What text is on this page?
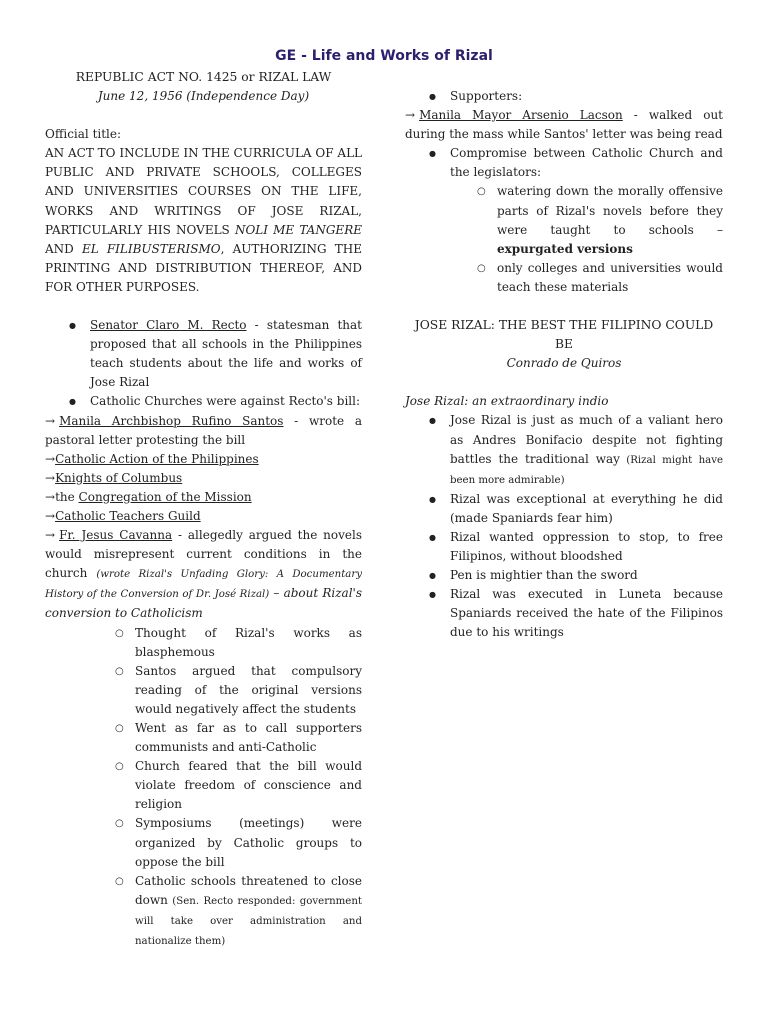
GE - Life and Works of Rizal
REPUBLIC ACT NO. 1425 or RIZAL LAW
June 12, 1956 (Independence Day)
Official title:
AN ACT TO INCLUDE IN THE CURRICULA OF ALL PUBLIC AND PRIVATE SCHOOLS, COLLEGES AND UNIVERSITIES COURSES ON THE LIFE, WORKS AND WRITINGS OF JOSE RIZAL, PARTICULARLY HIS NOVELS NOLI ME TANGERE AND EL FILIBUSTERISMO, AUTHORIZING THE PRINTING AND DISTRIBUTION THEREOF, AND FOR OTHER PURPOSES.
● Senator Claro M. Recto - statesman that proposed that all schools in the Philippines teach students about the life and works of Jose Rizal
● Catholic Churches were against Recto's bill:
→ Manila Archbishop Rufino Santos - wrote a pastoral letter protesting the bill
→Catholic Action of the Philippines
→Knights of Columbus
→the Congregation of the Mission
→Catholic Teachers Guild
→ Fr. Jesus Cavanna - allegedly argued the novels would misrepresent current conditions in the church (wrote Rizal's Unfading Glory: A Documentary History of the Conversion of Dr. José Rizal) – about Rizal's conversion to Catholicism
○ Thought of Rizal's works as blasphemous
○ Santos argued that compulsory reading of the original versions would negatively affect the students
○ Went as far as to call supporters communists and anti-Catholic
○ Church feared that the bill would violate freedom of conscience and religion
○ Symposiums (meetings) were organized by Catholic groups to oppose the bill
○ Catholic schools threatened to close down (Sen. Recto responded: government will take over administration and nationalize them)
● Supporters:
→ Manila Mayor Arsenio Lacson - walked out during the mass while Santos' letter was being read
● Compromise between Catholic Church and the legislators:
○ watering down the morally offensive parts of Rizal's novels before they were taught to schools – expurgated versions
○ only colleges and universities would teach these materials
JOSE RIZAL: THE BEST THE FILIPINO COULD BE
Conrado de Quiros
Jose Rizal: an extraordinary indio
● Jose Rizal is just as much of a valiant hero as Andres Bonifacio despite not fighting battles the traditional way (Rizal might have been more admirable)
● Rizal was exceptional at everything he did (made Spaniards fear him)
● Rizal wanted oppression to stop, to free Filipinos, without bloodshed
● Pen is mightier than the sword
● Rizal was executed in Luneta because Spaniards received the hate of the Filipinos due to his writings
